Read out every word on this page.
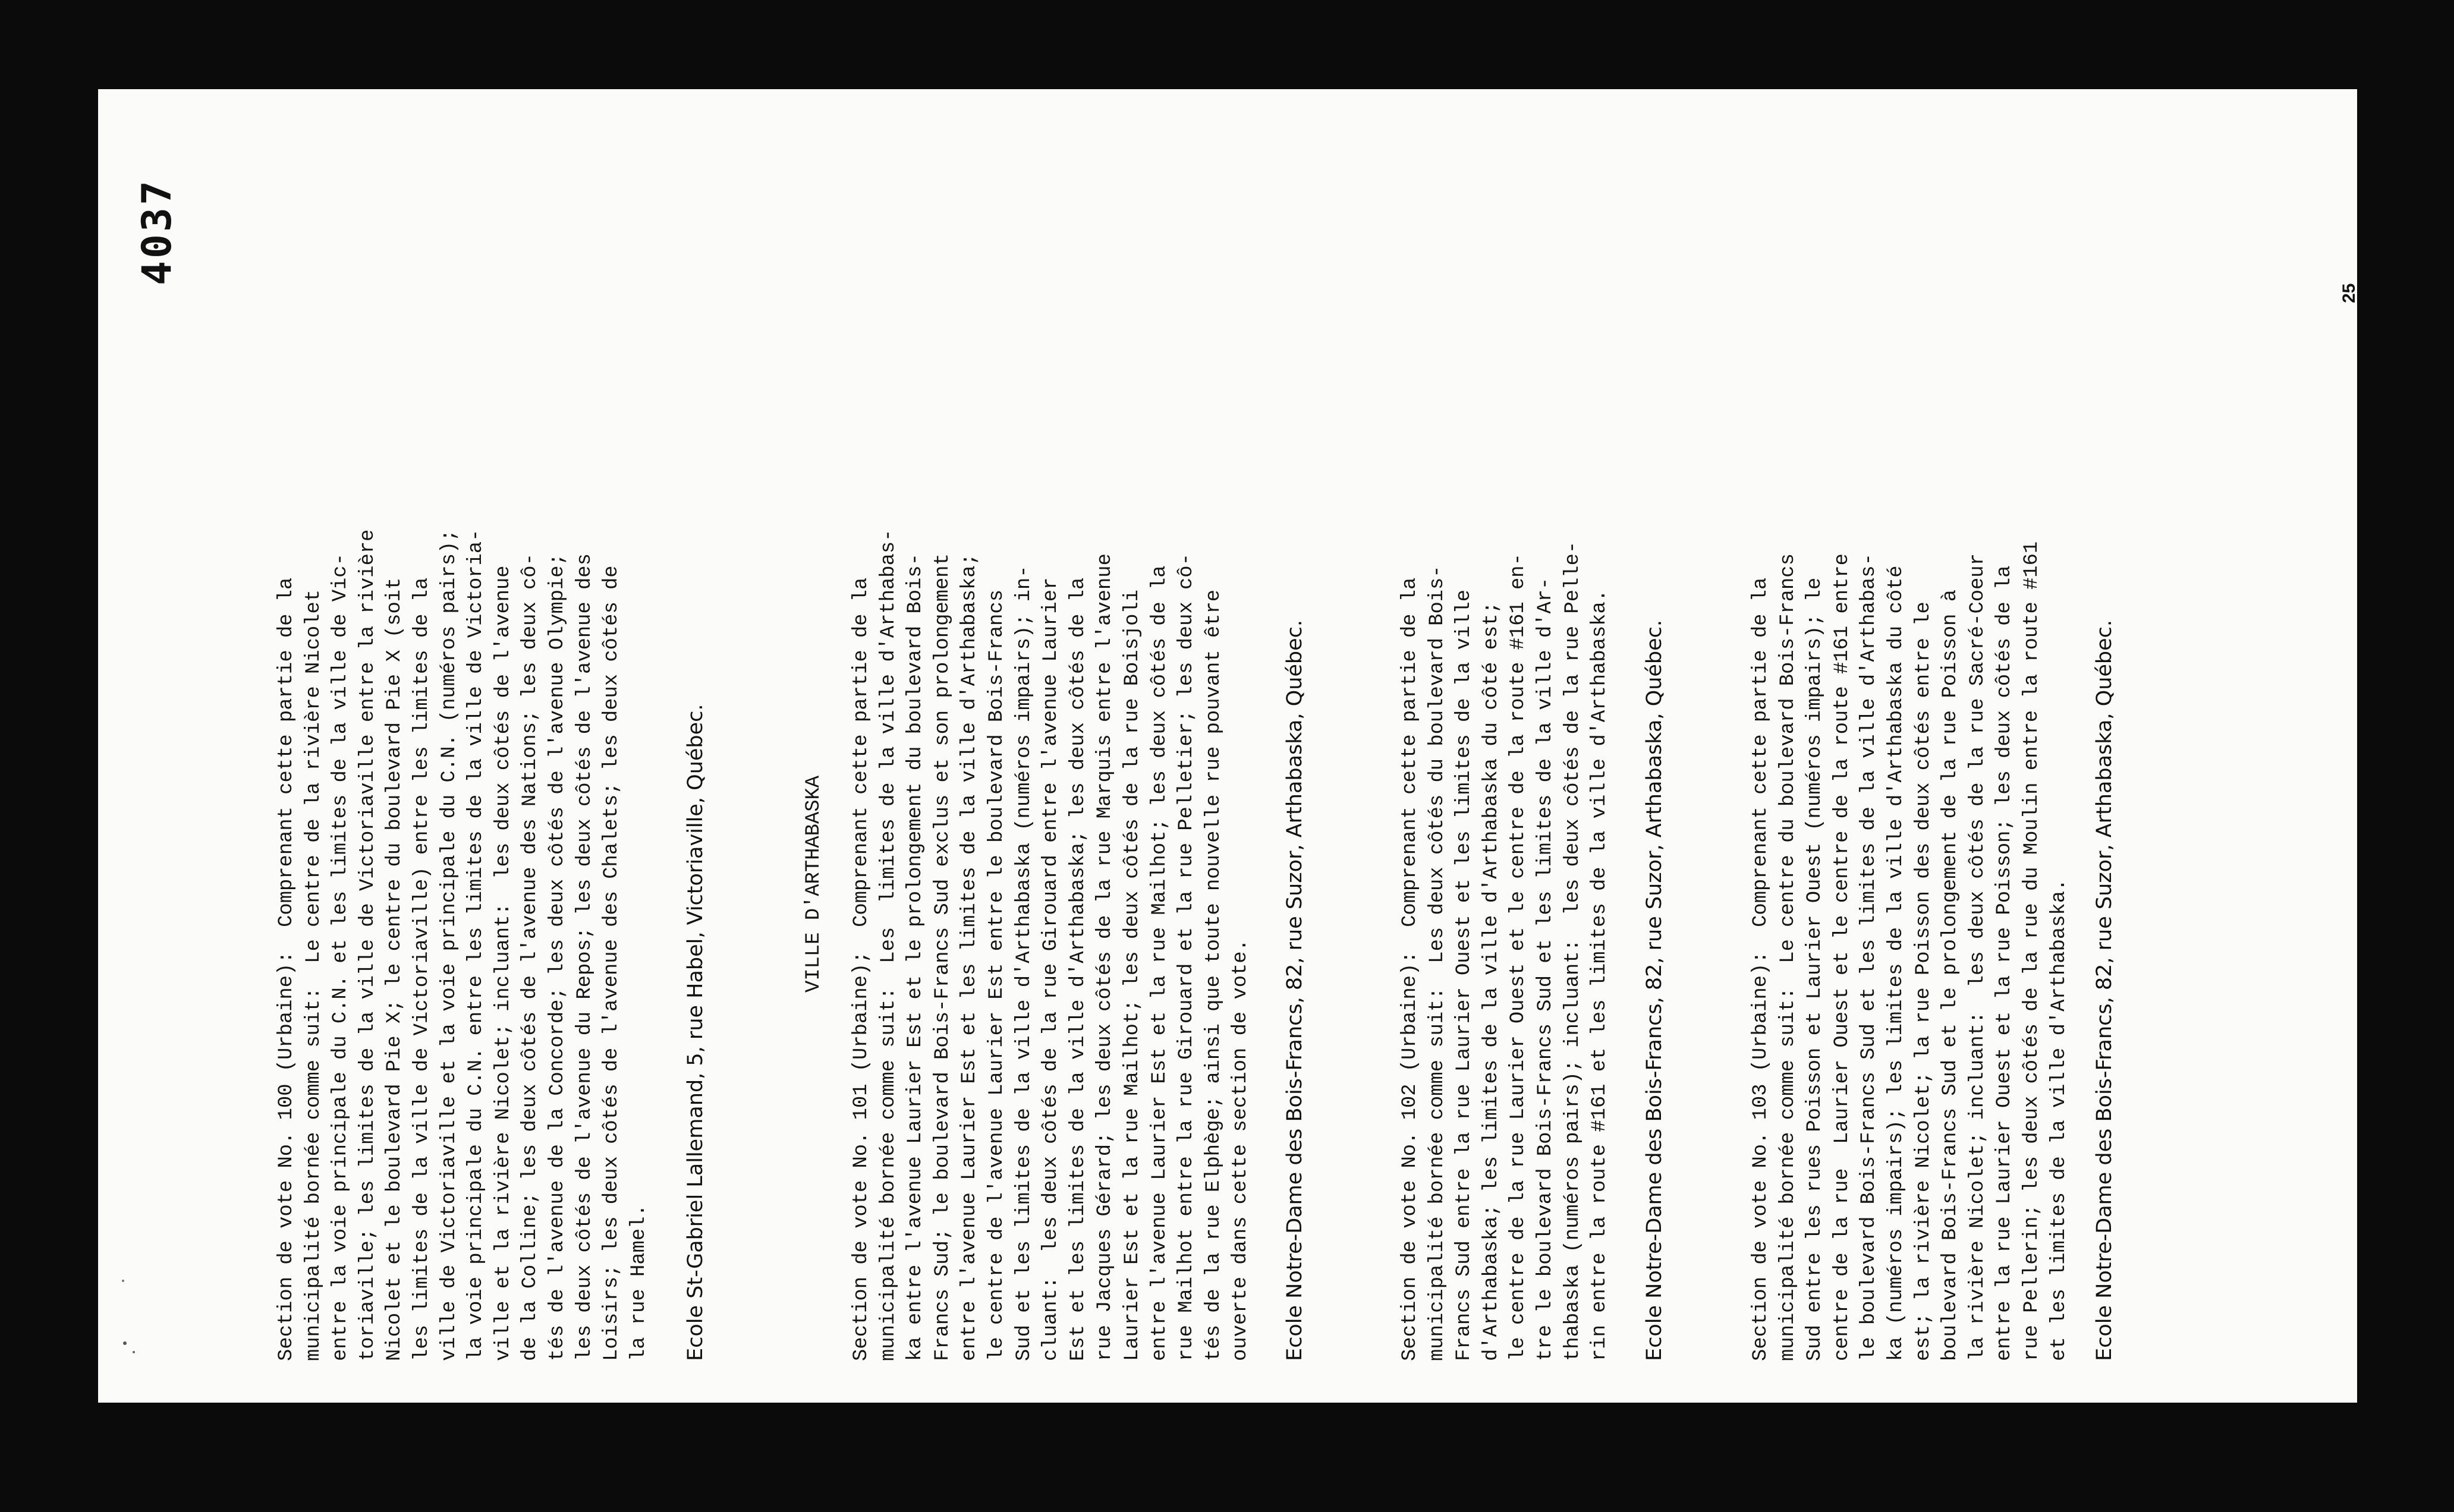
4037
Section de vote No. 100 (Urbaine):  Comprenant cette partie de la municipalité bornée comme suit:  Le centre de la rivière Nicolet entre la voie principale du C.N. et les limites de la ville de Vic- toriaville; les limites de la ville de Victoriaville entre la rivière Nicolet et le boulevard Pie X; le centre du boulevard Pie X (soit les limites de la ville de Victoriaville) entre les limites de la ville de Victoriaville et la voie principale du C.N. (numéros pairs); la voie principale du C.N. entre les limites de la ville de Victoria- ville et la rivière Nicolet; incluant:  les deux côtés de l'avenue de la Colline; les deux côtés de l'avenue des Nations; les deux cô- tés de l'avenue de la Concorde; les deux côtés de l'avenue Olympie; les deux côtés de l'avenue du Repos; les deux côtés de l'avenue des Loisirs; les deux côtés de l'avenue des Chalets; les deux côtés de la rue Hamel. Ecole St-Gabriel Lallemand, 5, rue Habel, Victoriaville, Québec.	VILLE D'ARTHABASKA Section de vote No. 101 (Urbaine);  Comprenant cette partie de la municipalité bornée comme suit:  Les  limites de la ville d'Arthabas- ka entre l'avenue Laurier Est et le prolongement du boulevard Bois- Francs Sud; le boulevard Bois-Francs Sud exclus et son prolongement entre l'avenue Laurier Est et les limites de la ville d'Arthabaska; le centre de l'avenue Laurier Est entre le boulevard Bois-Francs Sud et les limites de la ville d'Arthabaska (numéros impairs); in- cluant:  les deux côtés de la rue Girouard entre l'avenue Laurier Est et les limites de la ville d'Arthabaska; les deux côtés de la rue Jacques Gérard; les deux côtés de la rue Marquis entre l'avenue Laurier Est et la rue Mailhot; les deux côtés de la rue Boisjoli entre l'avenue Laurier Est et la rue Mailhot; les deux côtés de la rue Mailhot entre la rue Girouard et la rue Pelletier; les deux cô- tés de la rue Elphège; ainsi que toute nouvelle rue pouvant être ouverte dans cette section de vote. Ecole Notre-Dame des Bois-Francs, 82, rue Suzor, Arthabaska, Québec.	Section de vote No. 102 (Urbaine):  Comprenant cette partie de la municipalité bornée comme suit:  Les deux côtés du boulevard Bois- Francs Sud entre la rue Laurier Ouest et les limites de la ville d'Arthabaska; les limites de la ville d'Arthabaska du côté est; le centre de la rue Laurier Ouest et le centre de la route #161 en- tre le boulevard Bois-Francs Sud et les limites de la ville d'Ar- thabaska (numéros pairs); incluant:  les deux côtés de la rue Pelle- rin entre la route #161 et les limites de la ville d'Arthabaska. Ecole Notre-Dame des Bois-Francs, 82, rue Suzor, Arthabaska, Québec.	Section de vote No. 103 (Urbaine):  Comprenant cette partie de la municipalité bornée comme suit:  Le centre du boulevard Bois-Francs Sud entre les rues Poisson et Laurier Ouest (numéros impairs); le centre de la rue  Laurier Ouest et le centre de la route #161 entre le boulevard Bois-Francs Sud et les limites de la ville d'Arthabas- ka (numéros impairs); les limites de la ville d'Arthabaska du côté est; la rivière Nicolet; la rue Poisson des deux côtés entre le boulevard Bois-Francs Sud et le prolongement de la rue Poisson à la rivière Nicolet; incluant:  les deux côtés de la rue Sacré-Coeur entre la rue Laurier Ouest et la rue Poisson; les deux côtés de la rue Pellerin; les deux côtés de la rue du Moulin entre la route #161 et les limites de la ville d'Arthabaska. Ecole Notre-Dame des Bois-Francs, 82, rue Suzor, Arthabaska, Québec.
25
